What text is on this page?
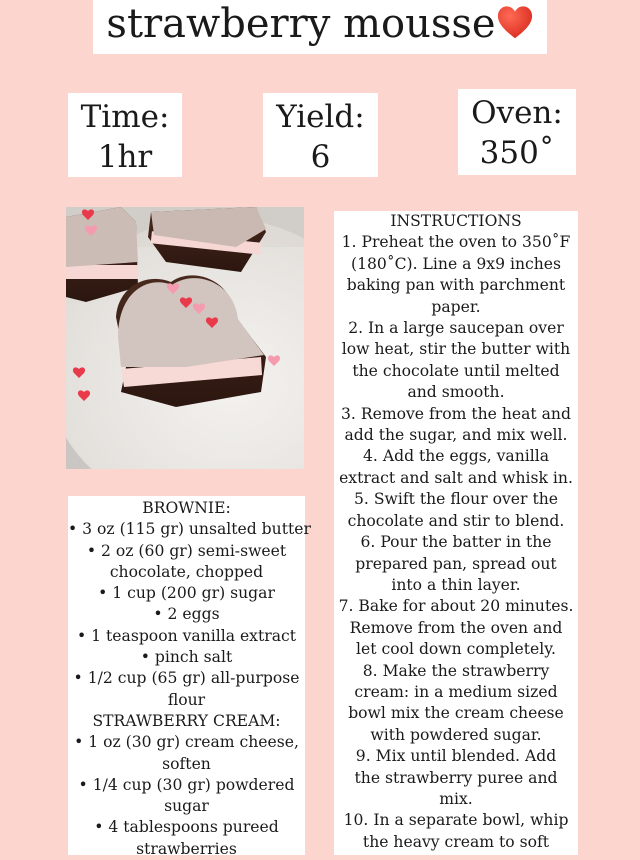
strawberry mousse
Time:
1hr
Yield:
6
Oven:
350˚
BROWNIE:
• 3 oz (115 gr) unsalted butter
• 2 oz (60 gr) semi-sweet
chocolate, chopped
• 1 cup (200 gr) sugar
• 2 eggs
• 1 teaspoon vanilla extract
• pinch salt
• 1/2 cup (65 gr) all-purpose
flour
STRAWBERRY CREAM:
• 1 oz (30 gr) cream cheese,
soften
• 1/4 cup (30 gr) powdered
sugar
• 4 tablespoons pureed
strawberries
INSTRUCTIONS
1. Preheat the oven to 350˚F
(180˚C). Line a 9x9 inches
baking pan with parchment
paper.
2. In a large saucepan over
low heat, stir the butter with
the chocolate until melted
and smooth.
3. Remove from the heat and
add the sugar, and mix well.
4. Add the eggs, vanilla
extract and salt and whisk in.
5. Swift the flour over the
chocolate and stir to blend.
6. Pour the batter in the
prepared pan, spread out
into a thin layer.
7. Bake for about 20 minutes.
Remove from the oven and
let cool down completely.
8. Make the strawberry
cream: in a medium sized
bowl mix the cream cheese
with powdered sugar.
9. Mix until blended. Add
the strawberry puree and
mix.
10. In a separate bowl, whip
the heavy cream to soft
